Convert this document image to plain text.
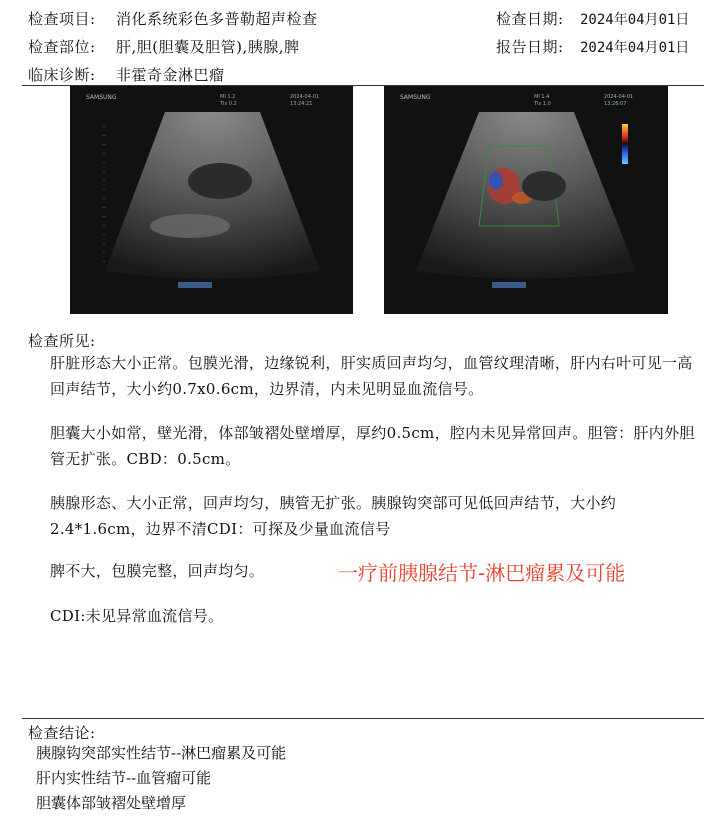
检查项目: 消化系统彩色多普勒超声检查	检查日期: 2024年04月01日
检查部位: 肝,胆(胆囊及胆管),胰腺,脾	报告日期: 2024年04月01日
临床诊断: 非霍奇金淋巴瘤
SAMSUNG	MI 1.2
TIs 0.2
2024-04-01
13:24:21
SAMSUNG	MI 1.4
TIs 1.0
2024-04-01
13:26:07
检查所见:
肝脏形态大小正常。包膜光滑，边缘锐利，肝实质回声均匀，血管纹理清晰，肝内右叶可见一高回声结节，大小约0.7x0.6cm，边界清，内未见明显血流信号。
胆囊大小如常，壁光滑，体部皱褶处壁增厚，厚约0.5cm，腔内未见异常回声。胆管：肝内外胆管无扩张。CBD：0.5cm。
胰腺形态、大小正常，回声均匀，胰管无扩张。胰腺钩突部可见低回声结节，大小约2.4*1.6cm，边界不清CDI：可探及少量血流信号
脾不大，包膜完整，回声均匀。	一疗前胰腺结节-淋巴瘤累及可能
CDI:未见异常血流信号。
检查结论:
胰腺钩突部实性结节--淋巴瘤累及可能
肝内实性结节--血管瘤可能
胆囊体部皱褶处壁增厚
